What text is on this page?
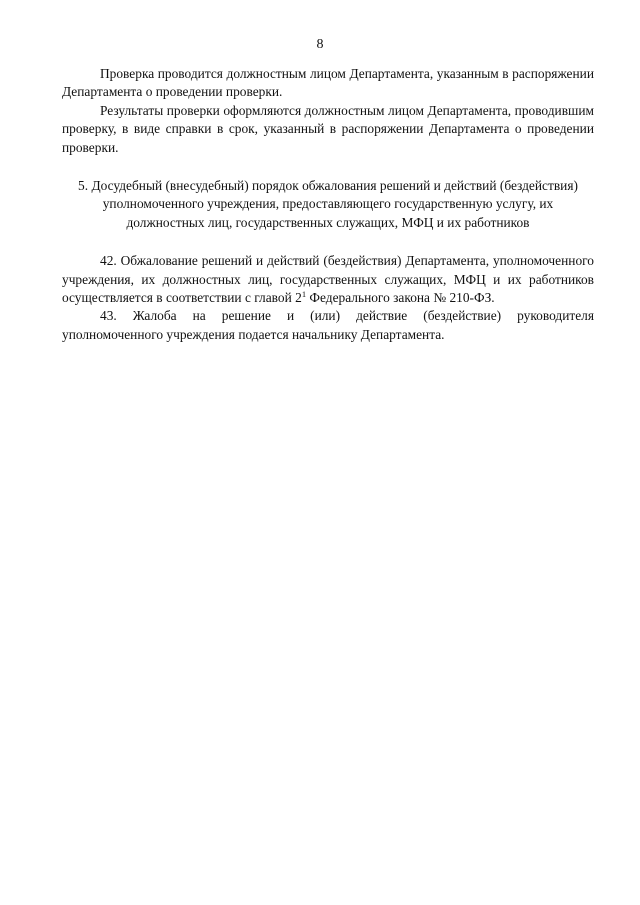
8

Проверка проводится должностным лицом Департамента, указанным в распоряжении Департамента о проведении проверки.

Результаты проверки оформляются должностным лицом Департамента, проводившим проверку, в виде справки в срок, указанный в распоряжении Департамента о проведении проверки.

5. Досудебный (внесудебный) порядок обжалования решений и действий (бездействия) уполномоченного учреждения, предоставляющего государственную услугу, их должностных лиц, государственных служащих, МФЦ и их работников

42. Обжалование решений и действий (бездействия) Департамента, уполномоченного учреждения, их должностных лиц, государственных служащих, МФЦ и их работников осуществляется в соответствии с главой $2^1$ Федерального закона № 210-ФЗ.

43. Жалоба на решение и (или) действие (бездействие) руководителя уполномоченного учреждения подается начальнику Департамента.
